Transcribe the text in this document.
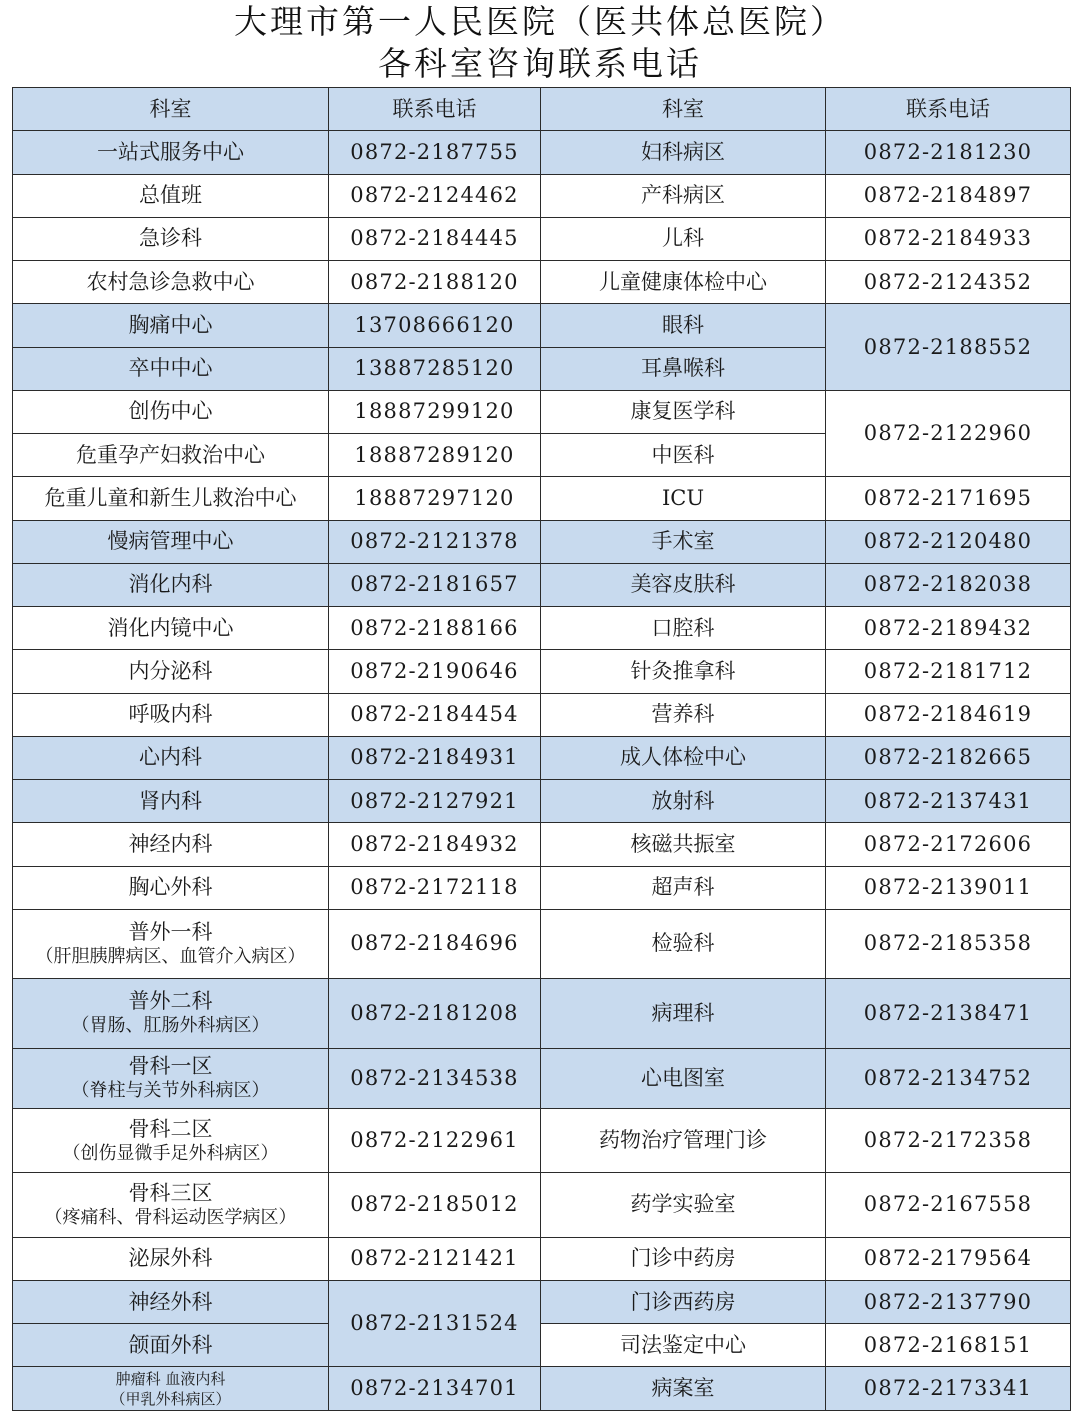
大理市第一人民医院（医共体总医院）
各科室咨询联系电话
科室	联系电话	科室	联系电话
一站式服务中心	0872-2187755	妇科病区	0872-2181230
总值班	0872-2124462	产科病区	0872-2184897
急诊科	0872-2184445	儿科	0872-2184933
农村急诊急救中心	0872-2188120	儿童健康体检中心	0872-2124352
胸痛中心	13708666120	眼科	0872-2188552
卒中中心	13887285120	耳鼻喉科	
创伤中心	18887299120	康复医学科	0872-2122960
危重孕产妇救治中心	18887289120	中医科	
危重儿童和新生儿救治中心	18887297120	ICU	0872-2171695
慢病管理中心	0872-2121378	手术室	0872-2120480
消化内科	0872-2181657	美容皮肤科	0872-2182038
消化内镜中心	0872-2188166	口腔科	0872-2189432
内分泌科	0872-2190646	针灸推拿科	0872-2181712
呼吸内科	0872-2184454	营养科	0872-2184619
心内科	0872-2184931	成人体检中心	0872-2182665
肾内科	0872-2127921	放射科	0872-2137431
神经内科	0872-2184932	核磁共振室	0872-2172606
胸心外科	0872-2172118	超声科	0872-2139011

普外一科
（肝胆胰脾病区、血管介入病区）	0872-2184696	检验科	0872-2185358

普外二科
（胃肠、肛肠外科病区）	0872-2181208	病理科	0872-2138471

骨科一区
（脊柱与关节外科病区）	0872-2134538	心电图室	0872-2134752

骨科二区
（创伤显微手足外科病区）	0872-2122961	药物治疗管理门诊	0872-2172358

骨科三区
（疼痛科、骨科运动医学病区）	0872-2185012	药学实验室	0872-2167558
泌尿外科	0872-2121421	门诊中药房	0872-2179564
神经外科	0872-2131524	门诊西药房	0872-2137790
颌面外科		司法鉴定中心	0872-2168151

肿瘤科 血液内科
（甲乳外科病区）	0872-2134701	病案室	0872-2173341
